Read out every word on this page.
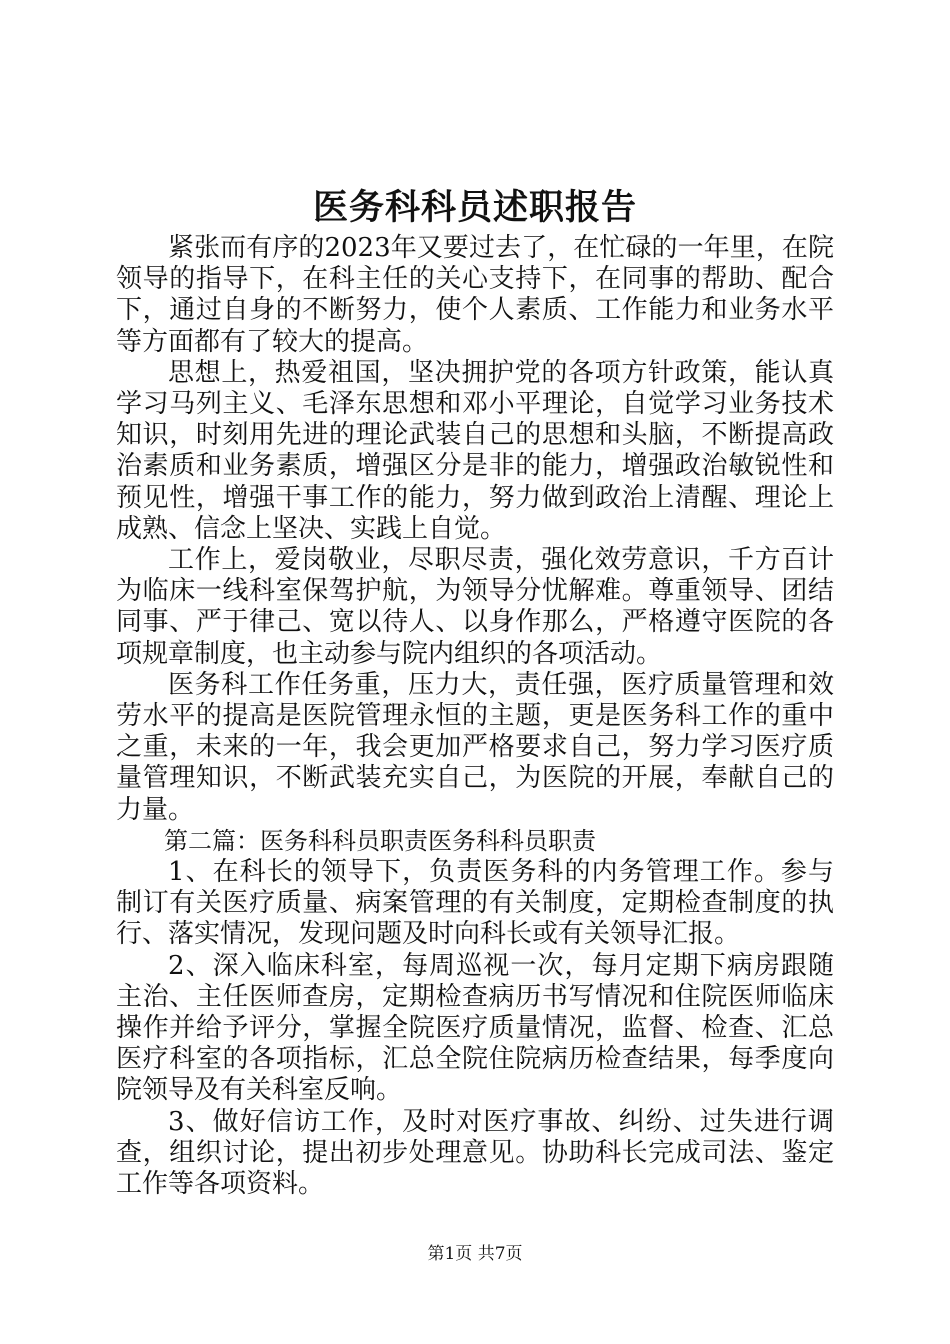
医务科科员述职报告

紧张而有序的2023年又要过去了，在忙碌的一年里，在院领导的指导下，在科主任的关心支持下，在同事的帮助、配合下，通过自身的不断努力，使个人素质、工作能力和业务水平等方面都有了较大的提高。

思想上，热爱祖国，坚决拥护党的各项方针政策，能认真学习马列主义、毛泽东思想和邓小平理论，自觉学习业务技术知识，时刻用先进的理论武装自己的思想和头脑，不断提高政治素质和业务素质，增强区分是非的能力，增强政治敏锐性和预见性，增强干事工作的能力，努力做到政治上清醒、理论上成熟、信念上坚决、实践上自觉。

工作上，爱岗敬业，尽职尽责，强化效劳意识，千方百计为临床一线科室保驾护航，为领导分忧解难。尊重领导、团结同事、严于律己、宽以待人、以身作那么，严格遵守医院的各项规章制度，也主动参与院内组织的各项活动。

医务科工作任务重，压力大，责任强，医疗质量管理和效劳水平的提高是医院管理永恒的主题，更是医务科工作的重中之重，未来的一年，我会更加严格要求自己，努力学习医疗质量管理知识，不断武装充实自己，为医院的开展，奉献自己的力量。

第二篇：医务科科员职责医务科科员职责

1、在科长的领导下，负责医务科的内务管理工作。参与制订有关医疗质量、病案管理的有关制度，定期检查制度的执行、落实情况，发现问题及时向科长或有关领导汇报。

2、深入临床科室，每周巡视一次，每月定期下病房跟随主治、主任医师查房，定期检查病历书写情况和住院医师临床操作并给予评分，掌握全院医疗质量情况，监督、检查、汇总医疗科室的各项指标，汇总全院住院病历检查结果，每季度向院领导及有关科室反响。

3、做好信访工作，及时对医疗事故、纠纷、过失进行调查，组织讨论，提出初步处理意见。协助科长完成司法、鉴定工作等各项资料。

第1页 共7页
